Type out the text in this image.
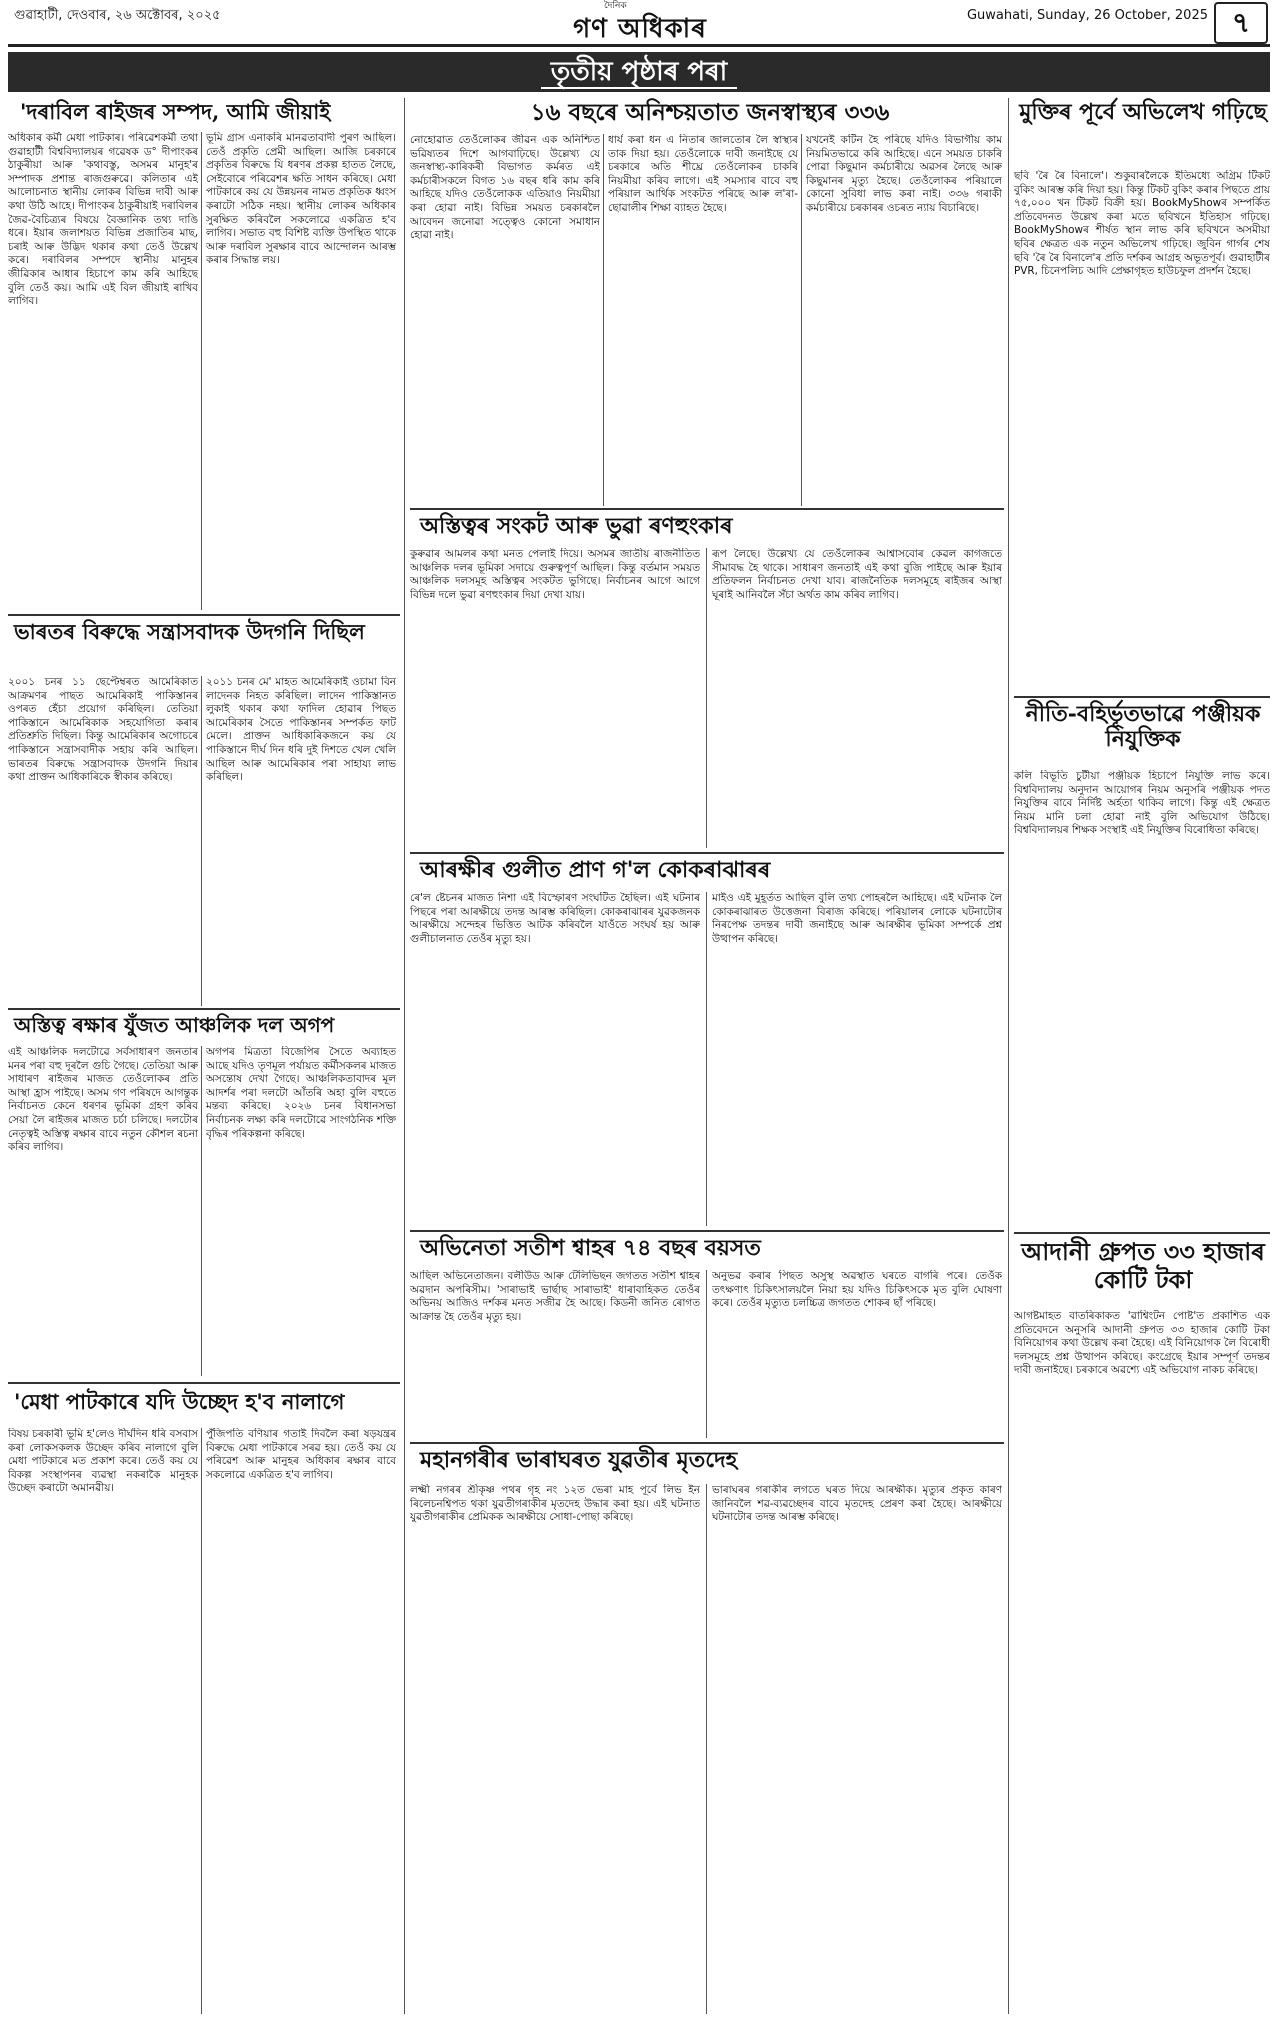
গুৱাহাটী, দেওবাৰ, ২৬ অক্টোবৰ, ২০২৫
দৈনিক
গণ অধিকাৰ	Guwahati, Sunday, 26 October, 2025 ৭
তৃতীয় পৃষ্ঠাৰ পৰা
'দৰাবিল ৰাইজৰ সম্পদ, আমি জীয়াই
অধিকাৰ কৰ্মী মেধা পাটকাৰ। পৰিৱেশকৰ্মী তথা গুৱাহাটী বিশ্ববিদ্যালয়ৰ গৱেষক ড° দীপাংকৰ ঠাকুৰীয়া আৰু 'কথাবস্তু, অসমৰ মানুহ'ৰ সম্পাদক প্ৰশান্ত ৰাজগুৰুৱে। কলিতাৰ এই আলোচনাত স্থানীয় লোকৰ বিভিন্ন দাবী আৰু কথা উঠি আহে। দীপাংকৰ ঠাকুৰীয়াই দৰাবিলৰ জৈৱ-বৈচিত্ৰ্যৰ বিষয়ে বৈজ্ঞানিক তথ্য দাঙি ধৰে। ইয়াৰ জলাশয়ত বিভিন্ন প্ৰজাতিৰ মাছ, চৰাই আৰু উদ্ভিদ থকাৰ কথা তেওঁ উল্লেখ কৰে। দৰাবিলৰ সম্পদে স্থানীয় মানুহৰ জীৱিকাৰ আধাৰ হিচাপে কাম কৰি আহিছে বুলি তেওঁ কয়। আমি এই বিল জীয়াই ৰাখিব লাগিব।
ভূমি গ্ৰাস এনাকৰি মানৱতাবাদী পুৰণ আছিল। তেওঁ প্ৰকৃতি প্ৰেমী আছিল। আজি চৰকাৰে প্ৰকৃতিৰ বিৰুদ্ধে যি ধৰণৰ প্ৰকল্প হাতত লৈছে, সেইবোৰে পৰিৱেশৰ ক্ষতি সাধন কৰিছে। মেধা পাটকাৰে কয় যে উন্নয়নৰ নামত প্ৰকৃতিক ধ্বংস কৰাটো সঠিক নহয়। স্থানীয় লোকৰ অধিকাৰ সুৰক্ষিত কৰিবলৈ সকলোৱে একত্ৰিত হ'ব লাগিব। সভাত বহু বিশিষ্ট ব্যক্তি উপস্থিত থাকে আৰু দৰাবিল সুৰক্ষাৰ বাবে আন্দোলন আৰম্ভ কৰাৰ সিদ্ধান্ত লয়।
ভাৰতৰ বিৰুদ্ধে সন্ত্ৰাসবাদক উদগনি দিছিল
২০০১ চনৰ ১১ ছেপ্টেম্বৰত আমেৰিকাত আক্ৰমণৰ পাছত আমেৰিকাই পাকিস্তানৰ ওপৰত হেঁচা প্ৰয়োগ কৰিছিল। তেতিয়া পাকিস্তানে আমেৰিকাক সহযোগিতা কৰাৰ প্ৰতিশ্ৰুতি দিছিল। কিন্তু আমেৰিকাৰ অগোচৰে পাকিস্তানে সন্ত্ৰাসবাদীক সহায় কৰি আছিল। ভাৰতৰ বিৰুদ্ধে সন্ত্ৰাসবাদক উদগনি দিয়াৰ কথা প্ৰাক্তন আধিকাৰিকে স্বীকাৰ কৰিছে।
২০১১ চনৰ মে' মাহত আমেৰিকাই ওচামা বিন লাদেনক নিহত কৰিছিল। লাদেন পাকিস্তানত লুকাই থকাৰ কথা ফাদিল হোৱাৰ পিছত আমেৰিকাৰ সৈতে পাকিস্তানৰ সম্পৰ্কত ফাট মেলে। প্ৰাক্তন আধিকাৰিকজনে কয় যে পাকিস্তানে দীৰ্ঘ দিন ধৰি দুই দিশতে খেল খেলি আছিল আৰু আমেৰিকাৰ পৰা সাহায্য লাভ কৰিছিল।
অস্তিত্ব ৰক্ষাৰ যুঁজত আঞ্চলিক দল অগপ
এই আঞ্চলিক দলটোৱে সৰ্বসাধাৰণ জনতাৰ মনৰ পৰা বহু দূৰলৈ গুচি গৈছে। তেতিয়া আৰু সাধাৰণ ৰাইজৰ মাজত তেওঁলোকৰ প্ৰতি আস্থা হ্ৰাস পাইছে। অসম গণ পৰিষদে আগন্তুক নিৰ্বাচনত কেনে ধৰণৰ ভূমিকা গ্ৰহণ কৰিব সেয়া লৈ ৰাইজৰ মাজত চৰ্চা চলিছে। দলটোৰ নেতৃত্বই অস্তিত্ব ৰক্ষাৰ বাবে নতুন কৌশল ৰচনা কৰিব লাগিব।
অগপৰ মিত্ৰতা বিজেপিৰ সৈতে অব্যাহত আছে যদিও তৃণমূল পৰ্যায়ত কৰ্মীসকলৰ মাজত অসন্তোষ দেখা গৈছে। আঞ্চলিকতাবাদৰ মূল আদৰ্শৰ পৰা দলটো আঁতৰি অহা বুলি বহুতে মন্তব্য কৰিছে। ২০২৬ চনৰ বিধানসভা নিৰ্বাচনক লক্ষ্য কৰি দলটোৱে সাংগঠনিক শক্তি বৃদ্ধিৰ পৰিকল্পনা কৰিছে।
'মেধা পাটকাৰে যদি উচ্ছেদ হ'ব নালাগে
বিষয় চৰকাৰী ভূমি হ'লেও দীৰ্ঘদিন ধৰি বসবাস কৰা লোকসকলক উচ্ছেদ কৰিব নালাগে বুলি মেধা পাটকাৰে মত প্ৰকাশ কৰে। তেওঁ কয় যে বিকল্প সংস্থাপনৰ ব্যৱস্থা নকৰাকৈ মানুহক উচ্ছেদ কৰাটো অমানৱীয়।
পুঁজিপতি বণিয়াৰ গতাই দিবলৈ কৰা ষড়যন্ত্ৰৰ বিৰুদ্ধে মেধা পাটকাৰে সৰৱ হয়। তেওঁ কয় যে পৰিৱেশ আৰু মানুহৰ অধিকাৰ ৰক্ষাৰ বাবে সকলোৱে একত্ৰিত হ'ব লাগিব।
১৬ বছৰে অনিশ্চয়তাত জনস্বাস্থ্যৰ ৩৩৬
নোহোৱাত তেওঁলোকৰ জীৱন এক অনিশ্চিত ভৱিষ্যতৰ দিশে আগবাঢ়িছে। উল্লেখ্য যে জনস্বাস্থ্য-কাৰিকৰী বিভাগত কৰ্মৰত এই কৰ্মচাৰীসকলে বিগত ১৬ বছৰ ধৰি কাম কৰি আহিছে যদিও তেওঁলোকক এতিয়াও নিয়মীয়া কৰা হোৱা নাই। বিভিন্ন সময়ত চৰকাৰলৈ আবেদন জনোৱা সত্ত্বেও কোনো সমাধান হোৱা নাই।
ধাৰ্য কৰা ধন এ নিতাৰ জালতোৰ লৈ স্বাস্থ্যৰ তাক দিয়া হয়। তেওঁলোকে দাবী জনাইছে যে চৰকাৰে অতি শীঘ্ৰে তেওঁলোকৰ চাকৰি নিয়মীয়া কৰিব লাগে। এই সমস্যাৰ বাবে বহু পৰিয়াল আৰ্থিক সংকটত পৰিছে আৰু ল'ৰা-ছোৱালীৰ শিক্ষা ব্যাহত হৈছে।
যখনেই কটিন হৈ পৰিছে যদিও বিভাগীয় কাম নিয়মিতভাৱে কৰি আহিছে। এনে সময়ত চাকৰি পোৱা কিছুমান কৰ্মচাৰীয়ে অৱসৰ লৈছে আৰু কিছুমানৰ মৃত্যু হৈছে। তেওঁলোকৰ পৰিয়ালে কোনো সুবিধা লাভ কৰা নাই। ৩৩৬ গৰাকী কৰ্মচাৰীয়ে চৰকাৰৰ ওচৰত ন্যায় বিচাৰিছে।
অস্তিত্বৰ সংকট আৰু ভুৱা ৰণহুংকাৰ
কুৰুৱাৰ আমলৰ কথা মনত পেলাই দিয়ে। অসমৰ জাতীয় ৰাজনীতিত আঞ্চলিক দলৰ ভূমিকা সদায়ে গুৰুত্বপূৰ্ণ আছিল। কিন্তু বৰ্তমান সময়ত আঞ্চলিক দলসমূহ অস্তিত্বৰ সংকটত ভুগিছে। নিৰ্বাচনৰ আগে আগে বিভিন্ন দলে ভুৱা ৰণহুংকাৰ দিয়া দেখা যায়।
ৰূপ লৈছে। উল্লেখ্য যে তেওঁলোকৰ আশ্বাসবোৰ কেৱল কাগজতে সীমাবদ্ধ হৈ থাকে। সাধাৰণ জনতাই এই কথা বুজি পাইছে আৰু ইয়াৰ প্ৰতিফলন নিৰ্বাচনত দেখা যাব। ৰাজনৈতিক দলসমূহে ৰাইজৰ আস্থা ঘূৰাই আনিবলৈ সঁচা অৰ্থত কাম কৰিব লাগিব।
আৰক্ষীৰ গুলীত প্ৰাণ গ'ল কোকৰাঝাৰৰ
ৰে'ল ষ্টেচনৰ মাজত নিশা এই বিস্ফোৰণ সংঘটিত হৈছিল। এই ঘটনাৰ পিছৰে পৰা আৰক্ষীয়ে তদন্ত আৰম্ভ কৰিছিল। কোকৰাঝাৰৰ যুৱকজনক আৰক্ষীয়ে সন্দেহৰ ভিত্তিত আটক কৰিবলৈ যাওঁতে সংঘৰ্ষ হয় আৰু গুলীচালনাত তেওঁৰ মৃত্যু হয়।
মাইও এই মুহূৰ্তত আছিল বুলি তথ্য পোহৰলৈ আহিছে। এই ঘটনাক লৈ কোকৰাঝাৰত উত্তেজনা বিৰাজ কৰিছে। পৰিয়ালৰ লোকে ঘটনাটোৰ নিৰপেক্ষ তদন্তৰ দাবী জনাইছে আৰু আৰক্ষীৰ ভূমিকা সম্পৰ্কে প্ৰশ্ন উত্থাপন কৰিছে।
অভিনেতা সতীশ শ্বাহৰ ৭৪ বছৰ বয়সত
আছিল অভিনেতাজন। বলীউড আৰু টেলিভিছন জগতত সতীশ শ্বাহৰ অৱদান অপৰিসীম। 'সাৰাভাই ভাৰ্ছাছ সাৰাভাই' ধাৰাবাহিকত তেওঁৰ অভিনয় আজিও দৰ্শকৰ মনত সজীৱ হৈ আছে। কিডনী জনিত ৰোগত আক্ৰান্ত হৈ তেওঁৰ মৃত্যু হয়।
অনুভৱ কৰাৰ পিছত অসুস্থ অৱস্থাত ঘৰতে বাগৰি পৰে। তেওঁক তৎক্ষণাৎ চিকিৎসালয়লৈ নিয়া হয় যদিও চিকিৎসকে মৃত বুলি ঘোষণা কৰে। তেওঁৰ মৃত্যুত চলচ্চিত্ৰ জগতত শোকৰ ছাঁ পৰিছে।
মহানগৰীৰ ভাৰাঘৰত যুৱতীৰ মৃতদেহ
লক্ষ্মী নগৰৰ শ্ৰীকৃষ্ণ পথৰ গৃহ নং ১২ত ভেৰা মাহ পূৰ্বে লিভ ইন ৰিলেচনশ্বিপত থকা যুৱতীগৰাকীৰ মৃতদেহ উদ্ধাৰ কৰা হয়। এই ঘটনাত যুৱতীগৰাকীৰ প্ৰেমিকক আৰক্ষীয়ে সোধা-পোছা কৰিছে।
ভাৰাঘৰৰ গৰাকীৰ লগতে ঘৰত দিয়ে আৰক্ষীক। মৃত্যুৰ প্ৰকৃত কাৰণ জানিবলৈ শৱ-ব্যৱচ্ছেদৰ বাবে মৃতদেহ প্ৰেৰণ কৰা হৈছে। আৰক্ষীয়ে ঘটনাটোৰ তদন্ত আৰম্ভ কৰিছে।
মুক্তিৰ পূৰ্বে অভিলেখ গঢ়িছে
ছবি 'ৰৈ ৰৈ বিনালে'। শুকুবাৰলৈকে ইতিমধ্যে অগ্ৰিম টিকট বুকিং আৰম্ভ কৰি দিয়া হয়। কিন্তু টিকট বুকিং কৰাৰ পিছতে প্ৰায় ৭৫,০০০ খন টিকট বিক্ৰী হয়। BookMyShowৰ সম্পৰ্কিত প্ৰতিবেদনত উল্লেখ কৰা মতে ছবিখনে ইতিহাস গঢ়িছে। BookMyShowৰ শীৰ্ষত স্থান লাভ কৰি ছবিখনে অসমীয়া ছবিৰ ক্ষেত্ৰত এক নতুন অভিলেখ গঢ়িছে। জুবিন গাৰ্গৰ শেষ ছবি 'ৰৈ ৰৈ বিনালে'ৰ প্ৰতি দৰ্শকৰ আগ্ৰহ অভূতপূৰ্ব। গুৱাহাটীৰ PVR, চিনেপলিচ আদি প্ৰেক্ষাগৃহত হাউচফুল প্ৰদৰ্শন হৈছে।
নীতি-বহিৰ্ভূতভাৱে পঞ্জীয়ক নিযুক্তিক
কলি বিভূতি চুটীয়া পঞ্জীয়ক হিচাপে নিযুক্তি লাভ কৰে। বিশ্ববিদ্যালয় অনুদান আয়োগৰ নিয়ম অনুসৰি পঞ্জীয়ক পদত নিযুক্তিৰ বাবে নিৰ্দিষ্ট অৰ্হতা থাকিব লাগে। কিন্তু এই ক্ষেত্ৰত নিয়ম মানি চলা হোৱা নাই বুলি অভিযোগ উঠিছে। বিশ্ববিদ্যালয়ৰ শিক্ষক সংস্থাই এই নিযুক্তিৰ বিৰোধিতা কৰিছে।
আদানী গ্ৰুপত ৩৩ হাজাৰ কোটি টকা
আগষ্টমাহত বাতৰিকাকত 'ৱাশ্বিংটন পোষ্ট'ত প্ৰকাশিত এক প্ৰতিবেদনে অনুসৰি আদানী গ্ৰুপত ৩৩ হাজাৰ কোটি টকা বিনিয়োগৰ কথা উল্লেখ কৰা হৈছে। এই বিনিয়োগক লৈ বিৰোধী দলসমূহে প্ৰশ্ন উত্থাপন কৰিছে। কংগ্ৰেছে ইয়াৰ সম্পূৰ্ণ তদন্তৰ দাবী জনাইছে। চৰকাৰে অৱশ্যে এই অভিযোগ নাকচ কৰিছে।
